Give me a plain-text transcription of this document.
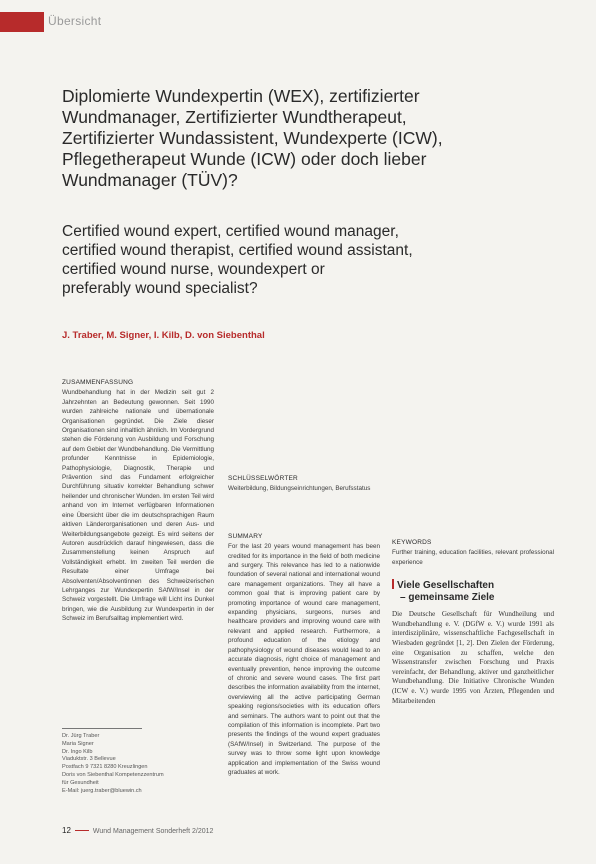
Übersicht
Diplomierte Wundexpertin (WEX), zertifizierter
Wundmanager, Zertifizierter Wundtherapeut,
Zertifizierter Wundassistent, Wundexperte (ICW),
Pflegetherapeut Wunde (ICW) oder doch lieber
Wundmanager (TÜV)?
Certified wound expert, certified wound manager,
certified wound therapist, certified wound assistant,
certified wound nurse, woundexpert or
preferably wound specialist?
J. Traber, M. Signer, I. Kilb, D. von Siebenthal
ZUSAMMENFASSUNG

Wundbehandlung hat in der Medizin seit gut 2 Jahrzehnten an Bedeutung gewonnen. Seit 1990 wurden zahlreiche nationale und übernationale Organisationen gegründet. Die Ziele dieser Organisationen sind inhaltlich ähnlich. Im Vordergrund stehen die Förderung von Ausbildung und Forschung auf dem Gebiet der Wundbehandlung. Die Vermittlung profunder Kenntnisse in Epidemiologie, Pathophysiologie, Diagnostik, Therapie und Prävention sind das Fundament erfolgreicher Durchführung situativ korrekter Behandlung schwer heilender und chronischer Wunden. Im ersten Teil wird anhand von im Internet verfügbaren Informationen eine Übersicht über die im deutschsprachigen Raum aktiven Länderorganisationen und deren Aus- und Weiterbildungsangebote gezeigt. Es wird seitens der Autoren ausdrücklich darauf hingewiesen, dass die Zusammenstellung keinen Anspruch auf Vollständigkeit erhebt. Im zweiten Teil werden die Resultate einer Umfrage bei Absolventen/Absolventinnen des Schweizerischen Lehrganges zur Wundexpertin SAfW/Insel in der Schweiz vorgestellt. Die Umfrage will Licht ins Dunkel bringen, wie die Ausbildung zur Wundexpertin in der Schweiz im Berufsalltag implementiert wird.

SCHLÜSSELWÖRTER

Weiterbildung, Bildungseinrichtungen, Berufsstatus

SUMMARY

For the last 20 years wound management has been credited for its importance in the field of both medicine and surgery. This relevance has led to a nationwide foundation of several national and international wound care management organizations. They all have a common goal that is improving patient care by promoting importance of wound care management, expanding physicians, surgeons, nurses and healthcare providers and improving wound care with relevant and applied research. Furthermore, a profound education of the etiology and pathophysiology of wound diseases would lead to an accurate diagnosis, right choice of management and eventually prevention, hence improving the outcome of chronic and severe wound cases. The first part describes the information availability from the internet, overviewing all the active participating German speaking regions/societies with its education offers and seminars. The authors want to point out that the compilation of this information is incomplete. Part two presents the findings of the wound expert graduates (SAfW/Insel) in Switzerland. The purpose of the survey was to throw some light upon knowledge application and implementation of the Swiss wound graduates at work.

KEYWORDS

Further training, education facilities, relevant professional experience

Viele Gesellschaften
– gemeinsame Ziele

Die Deutsche Gesellschaft für Wundheilung und Wundbehandlung e. V. (DGfW e. V.) wurde 1991 als interdisziplinäre, wissenschaftliche Fachgesellschaft in Wiesbaden gegründet [1, 2]. Den Zielen der Förderung, eine Organisation zu schaffen, welche den Wissenstransfer zwischen Forschung und Praxis vereinfacht, der Behandlung, aktiver und ganzheitlicher Wundbehandlung. Die Initiative Chronische Wunden (ICW e. V.) wurde 1995 von Ärzten, Pflegenden und Mitarbeitenden

Dr. Jürg Traber
Maria Signer
Dr. Ingo Kilb
Viaduktstr. 3 Bellevue
Postfach 9 7321 8280 Kreuzlingen
Doris von Siebenthal Kompetenzzentrum
für Gesundheit
E-Mail: juerg.traber@bluewin.ch
12	Wund Management Sonderheft 2/2012
